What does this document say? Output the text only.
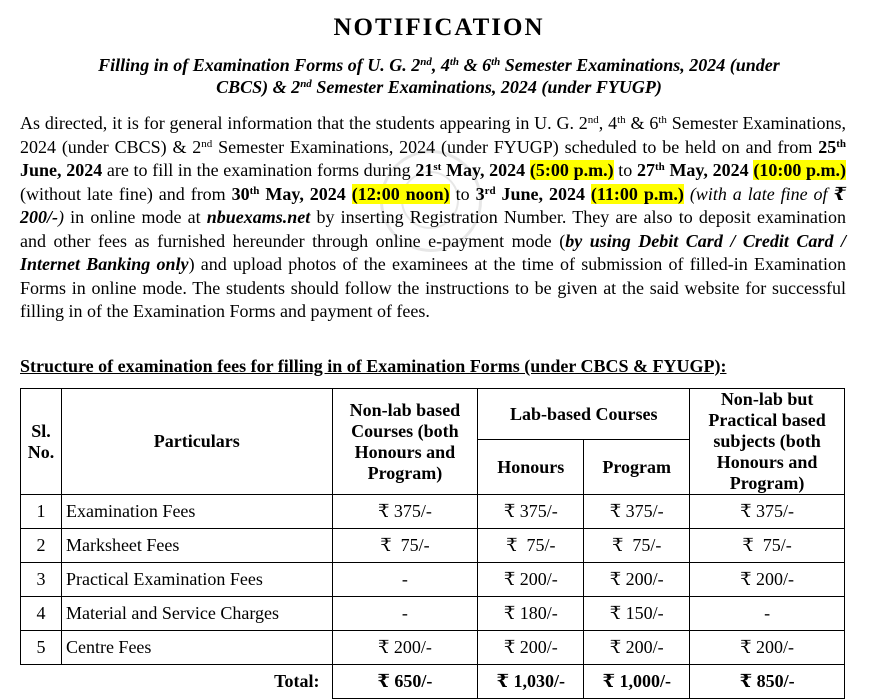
NOTIFICATION
Filling in of Examination Forms of U. G. 2nd, 4th & 6th Semester Examinations, 2024 (under
CBCS) & 2nd Semester Examinations, 2024 (under FYUGP)
As directed, it is for general information that the students appearing in U. G. 2nd, 4th & 6th Semester Examinations, 2024 (under CBCS) & 2nd Semester Examinations, 2024 (under FYUGP) scheduled to be held on and from 25th June, 2024 are to fill in the examination forms during 21st May, 2024 (5:00 p.m.) to 27th May, 2024 (10:00 p.m.) (without late fine) and from 30th May, 2024 (12:00 noon) to 3rd June, 2024 (11:00 p.m.) (with a late fine of ₹ 200/-) in online mode at nbuexams.net by inserting Registration Number. They are also to deposit examination and other fees as furnished hereunder through online e-payment mode (by using Debit Card / Credit Card / Internet Banking only) and upload photos of the examinees at the time of submission of filled-in Examination Forms in online mode. The students should follow the instructions to be given at the said website for successful filling in of the Examination Forms and payment of fees.
Structure of examination fees for filling in of Examination Forms (under CBCS & FYUGP):
Sl. No.	Particulars	Non-lab based Courses (both Honours and Program)	Lab-based Courses		Non-lab but Practical based subjects (both Honours and Program)
			Honours	Program	
1	Examination Fees	₹ 375/-	₹ 375/-	₹ 375/-	₹ 375/-
2	Marksheet Fees	₹  75/-	₹  75/-	₹  75/-	₹  75/-
3	Practical Examination Fees	-	₹ 200/-	₹ 200/-	₹ 200/-
4	Material and Service Charges	-	₹ 180/-	₹ 150/-	-
5	Centre Fees	₹ 200/-	₹ 200/-	₹ 200/-	₹ 200/-
Total:		₹ 650/-	₹ 1,030/-	₹ 1,000/-	₹ 850/-
